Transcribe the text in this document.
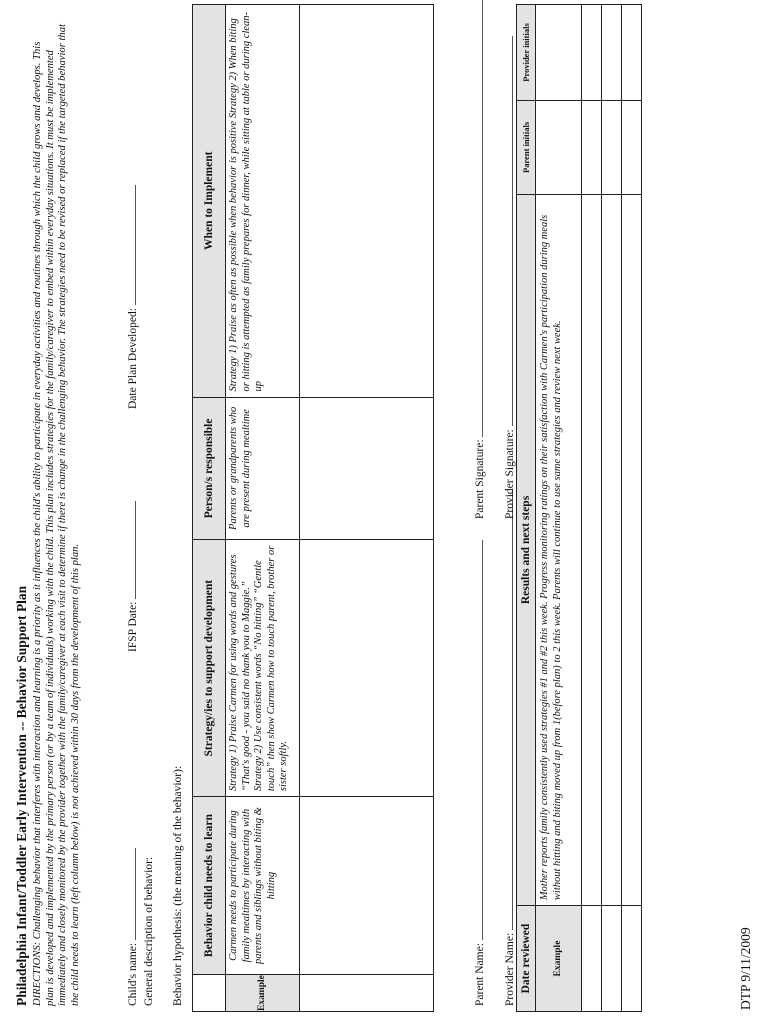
Philadelphia Infant/Toddler Early Intervention -- Behavior Support Plan DIRECTIONS: Challenging behavior that interferes with interaction and learning is a priority as it influences the child's ability to participate in everyday activities and routines through which the child grows and develops. This plan is developed and implemented by the primary person (or by a team of individuals) working with the child. This plan includes strategies for the family/caregiver to embed within everyday situations. It must be implemented immediately and closely monitored by the provider together with the family/caregiver at each visit to determine if there is change in the challenging behavior. The strategies need to be revised or replaced if the targeted behavior that the child needs to learn (left column below) is not achieved within 30 days from the development of this plan.	Child's name:
IFSP Date:
Date Plan Developed:
General description of behavior: Behavior hypothesis: (the meaning of the behavior):
	Behavior child needs to learn	Strategy/ies to support development	Person/s responsible	When to Implement
Example	Carmen needs to participate during family mealtimes by interacting with parents and siblings without biting & hitting	Strategy 1) Praise Carmen for using words and gestures “That's good - you said no thank you to Maggie.” Strategy 2) Use consistent words “No hitting” “Gentle touch” then show Carmen how to touch parent, brother or sister softly.	Parents or grandparents who are present during mealtime	Strategy 1) Praise as often as possible when behavior is positive Strategy 2) When biting or hitting is attempted as family prepares for dinner, while sitting at table or during clean-up

Parent Name:
Parent Signature:
Provider Name:
Provider Signature:
Date reviewed	Results and next steps	Parent initials	Provider initials
Example	Mother reports family consistently used strategies #1 and #2 this week. Progress monitoring ratings on their satisfaction with Carmen's participation during meals without hitting and biting moved up from 1(before plan) to 2 this week. Parents will continue to use same strategies and review next week.		

DTP 9/11/2009
